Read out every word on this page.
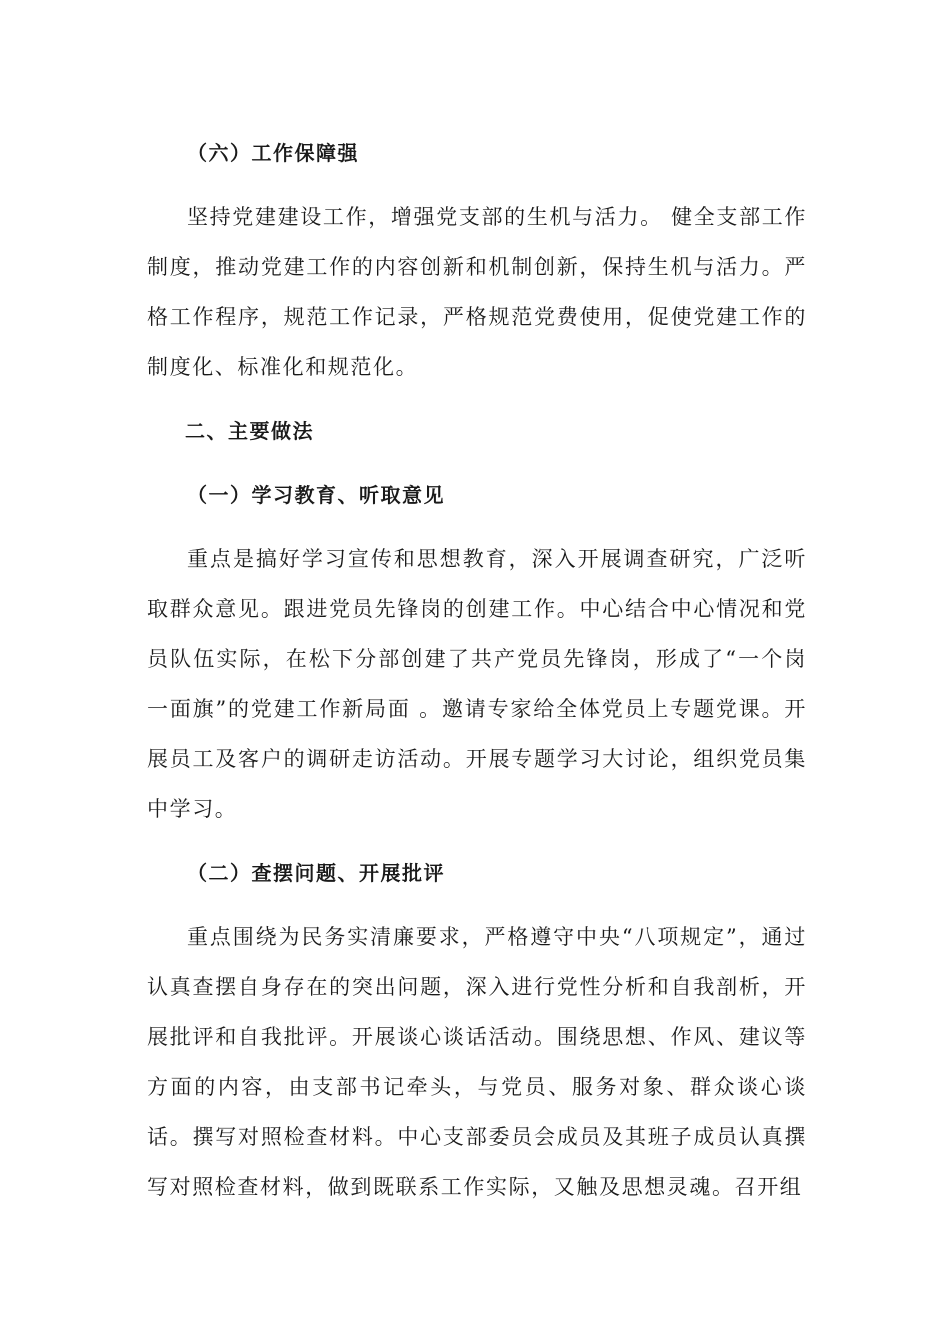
（六）工作保障强

坚持党建建设工作，增强党支部的生机与活力。 健全支部工作制度，推动党建工作的内容创新和机制创新，保持生机与活力。严格工作程序，规范工作记录，严格规范党费使用，促使党建工作的制度化、标准化和规范化。

二、主要做法
（一）学习教育、听取意见

重点是搞好学习宣传和思想教育，深入开展调查研究，广泛听取群众意见。跟进党员先锋岗的创建工作。中心结合中心情况和党员队伍实际，在松下分部创建了共产党员先锋岗，形成了“一个岗一面旗”的党建工作新局面 。邀请专家给全体党员上专题党课。开展员工及客户的调研走访活动。开展专题学习大讨论，组织党员集中学习。

（二）查摆问题、开展批评

重点围绕为民务实清廉要求，严格遵守中央“八项规定”，通过认真查摆自身存在的突出问题，深入进行党性分析和自我剖析，开展批评和自我批评。开展谈心谈话活动。围绕思想、作风、建议等方面的内容，由支部书记牵头，与党员、服务对象、群众谈心谈话。撰写对照检查材料。中心支部委员会成员及其班子成员认真撰写对照检查材料，做到既联系工作实际，又触及思想灵魂。召开组
